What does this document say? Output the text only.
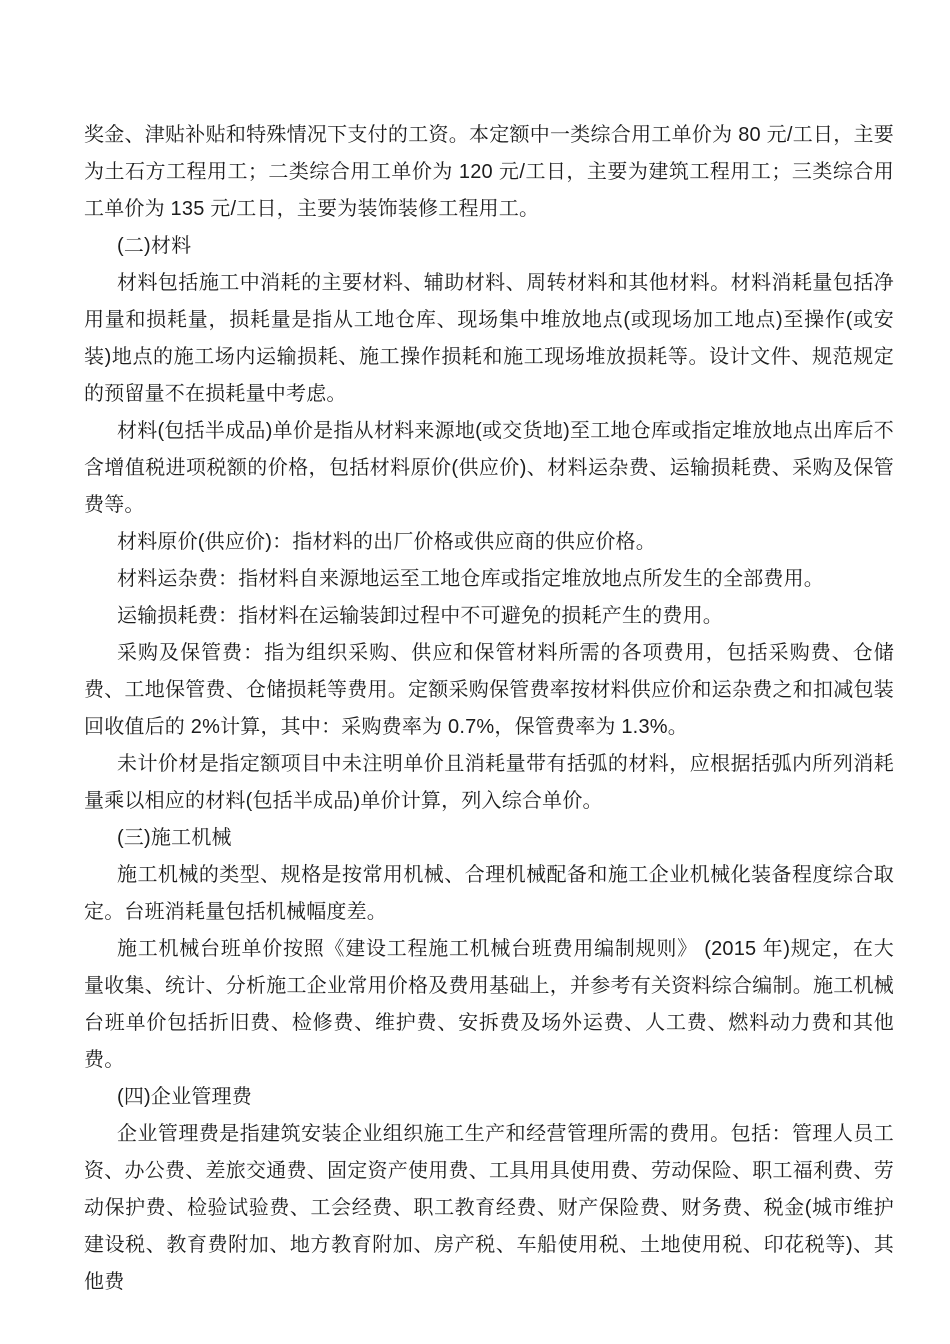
奖金、津贴补贴和特殊情况下支付的工资。本定额中一类综合用工单价为 80 元/工日，主要为土石方工程用工；二类综合用工单价为 120 元/工日，主要为建筑工程用工；三类综合用工单价为 135 元/工日，主要为装饰装修工程用工。

(二)材料

材料包括施工中消耗的主要材料、辅助材料、周转材料和其他材料。材料消耗量包括净用量和损耗量，损耗量是指从工地仓库、现场集中堆放地点(或现场加工地点)至操作(或安装)地点的施工场内运输损耗、施工操作损耗和施工现场堆放损耗等。设计文件、规范规定的预留量不在损耗量中考虑。

材料(包括半成品)单价是指从材料来源地(或交货地)至工地仓库或指定堆放地点出库后不含增值税进项税额的价格，包括材料原价(供应价)、材料运杂费、运输损耗费、采购及保管费等。

材料原价(供应价)：指材料的出厂价格或供应商的供应价格。

材料运杂费：指材料自来源地运至工地仓库或指定堆放地点所发生的全部费用。

运输损耗费：指材料在运输装卸过程中不可避免的损耗产生的费用。

采购及保管费：指为组织采购、供应和保管材料所需的各项费用，包括采购费、仓储费、工地保管费、仓储损耗等费用。定额采购保管费率按材料供应价和运杂费之和扣减包装回收值后的 2%计算，其中：采购费率为 0.7%，保管费率为 1.3%。

未计价材是指定额项目中未注明单价且消耗量带有括弧的材料，应根据括弧内所列消耗量乘以相应的材料(包括半成品)单价计算，列入综合单价。

(三)施工机械

施工机械的类型、规格是按常用机械、合理机械配备和施工企业机械化装备程度综合取定。台班消耗量包括机械幅度差。

施工机械台班单价按照《建设工程施工机械台班费用编制规则》 (2015 年)规定，在大量收集、统计、分析施工企业常用价格及费用基础上，并参考有关资料综合编制。施工机械台班单价包括折旧费、检修费、维护费、安拆费及场外运费、人工费、燃料动力费和其他费。

(四)企业管理费

企业管理费是指建筑安装企业组织施工生产和经营管理所需的费用。包括：管理人员工资、办公费、差旅交通费、固定资产使用费、工具用具使用费、劳动保险、职工福利费、劳动保护费、检验试验费、工会经费、职工教育经费、财产保险费、财务费、税金(城市维护建设税、教育费附加、地方教育附加、房产税、车船使用税、土地使用税、印花税等)、其他费
